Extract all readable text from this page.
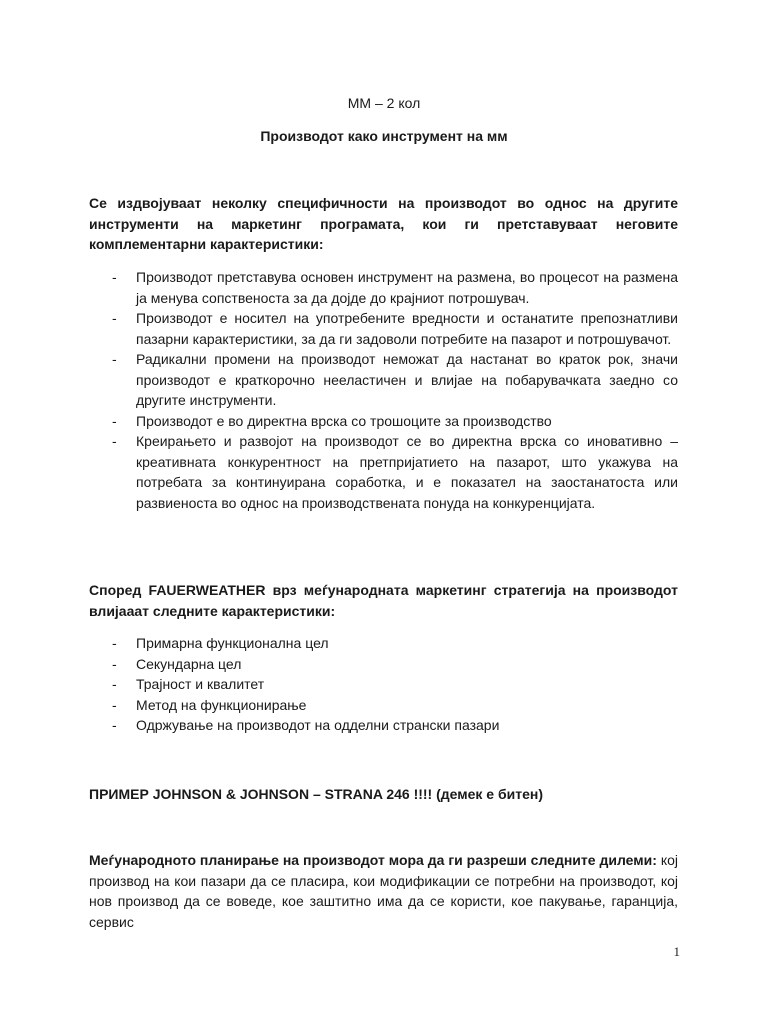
ММ – 2 кол
Производот како инструмент на мм
Се издвојуваат неколку специфичности на производот во однос на другите инструменти на маркетинг програмата, кои ги претставуваат неговите комплементарни карактеристики:
- Производот претставува основен инструмент на размена, во процесот на размена ја менува сопственоста за да дојде до крајниот потрошувач.
- Производот е носител на употребените вредности и останатите препознатливи пазарни карактеристики, за да ги задоволи потребите на пазарот и потрошувачот.
- Радикални промени на производот неможат да настанат во краток рок, значи производот е краткорочно нееластичен и влијае на побарувачката заедно со другите инструменти.
- Производот е во директна врска со трошоците за производство
- Креирањето и развојот на производот се во директна врска со иновативно – креативната конкурентност на претпријатието на пазарот, што укажува на потребата за континуирана соработка, и е показател на заостанатоста или развиеноста во однос на производствената понуда на конкуренцијата.
Според FAUERWEATHER врз меѓународната маркетинг стратегија на производот влијааат следните карактеристики:
- Примарна функционална цел
- Секундарна цел
- Трајност и квалитет
- Метод на функционирање
- Одржување на производот на одделни странски пазари
ПРИМЕР JOHNSON & JOHNSON – STRANA 246 !!!! (демек е битен)
Меѓународното планирање на производот мора да ги разреши следните дилеми: кој производ на кои пазари да се пласира, кои модификации се потребни на производот, кој нов производ да се воведе, кое заштитно има да се користи, кое пакување, гаранција, сервис
1
